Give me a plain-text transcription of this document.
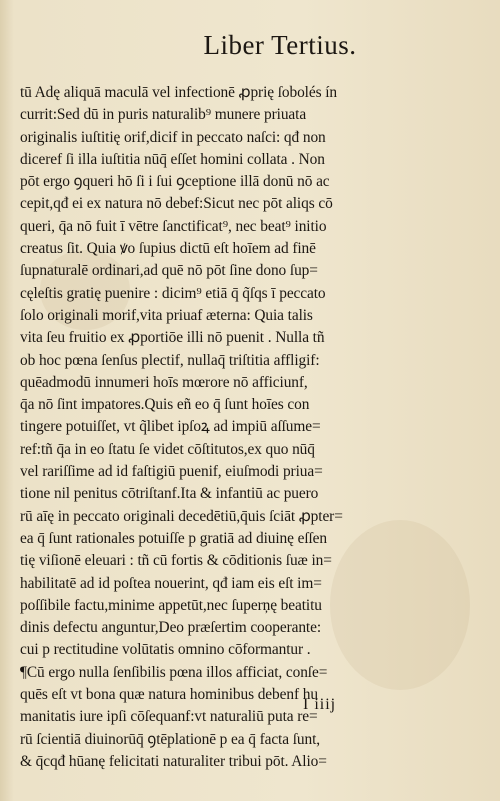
Liber Tertius.
tū Adę aliquā maculā vel infectionē ꝓprię ſobolés ín
currit:Sed dū in puris naturalib⁹ munere priuata
originalis iuſtitię orif,dicif in peccato naſci: qđ non
diceref ſi illa iuſtitia nūq̄ eſſet homini collata . Non
pōt ergo ꝯqueri hō ſi i ſui ꝯceptione illā donū nō ac
cepit,qđ ei ex natura nō debef:Sicut nec pōt aliqs cō
queri, q̄a nō fuit ī vētre ſanctificat⁹, nec beat⁹ initio
creatus ſit. Quia ꝟo ſupius dictū eſt hoīem ad finē
ſupnaturalē ordinari,ad quē nō pōt ſine dono ſup=
cęleſtis gratię puenire : dicim⁹ etiā q̄ q̃ſqs ī peccato
ſolo originali morif,vita priuaf æterna: Quia talis
vita ſeu fruitio ex ꝓportiōe illi nō puenit . Nulla tñ
ob hoc pœna ſenſus plectif, nullaq̄ triſtitia affligif:
quēadmodū innumeri hoīs mœrore nō afficiunf,
q̄a nō ſint impatores.Quis eñ eo q̄ ſunt hoīes con
tingere potuiſſet, vt q̃libet ipſoꝝ ad impiū aſſume=
ref:tñ q̄a in eo ſtatu ſe videt cōſtitutos,ex quo nūq̄
vel rariſſime ad id faſtigiū puenif, eiuſmodi priua=
tione nil penitus cōtriſtanf.Ita & infantiū ac puero
rū aīę in peccato originali decedētiū,q̄uis ſciāt ꝓpter=
ea q̄ ſunt rationales potuiſſe p gratiā ad diuinę eſſen
tię viſionē eleuari : tñ cū fortis & cōditionis ſuæ in=
habilitatē ad id poſtea nouerint, qđ iam eis eſt im=
poſſibile factu,minime appetūt,nec ſuperņę beatitu
dinis defectu anguntur,Deo præſertim cooperante:
cui p rectitudine volūtatis omnino cōformantur .
¶Cū ergo nulla ſenſibilis pœna illos afficiat, conſe=
quēs eſt vt bona quæ natura hominibus debenf hu
manitatis iure ipſi cōſequanf:vt naturaliū puta re=
rū ſcientiā diuinorūq̄ ꝯtēplationē p ea q̄ facta ſunt,
& q̄cqđ hūanę felicitati naturaliter tribui pōt. Alio=
I iiij
